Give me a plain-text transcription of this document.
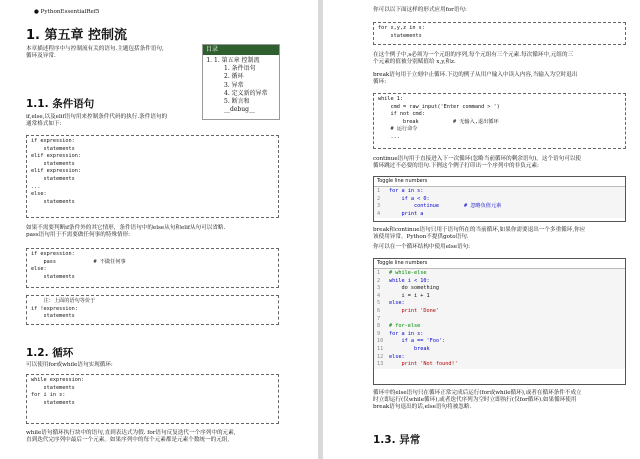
● PythonEssentialRef5
1. 第五章 控制流
本章描述程序中与控制流有关的语句.主题包括条件语句,
循环及异常.
目录
1. 1. 第五章 控制流
1. 条件语句
2. 循环
3. 异常
4. 定义新的异常
5. 断言和__debug__
1.1. 条件语句
if,else,以及elif语句用来控制条件代码的执行.条件语句的
通常格式如下:
if expression:
statements
elif expression:
statements
elif expression:
statements
...
else:
statements
如果不需要判断if条件外的其它情形，条件语句中的else从句和elif从句可以省略.
pass语句用于不需要做任何事的特殊情形:
if expression:
pass            # 不做任何事
else:
statements
注：上面的语句等价于
if !expression:
statements
1.2. 循环
可以使用for或while语句实现循环:
while expression:
statements
for i in s:
statements
while语句循环执行块中的语句,直到表达式为假. for语句反复迭代一个序列中的元素,
直到迭代完序列中最后一个元素。如果序列中的每个元素都是元素个数统一的元组,
你可以以下面这样的形式应用for语句:
for x,y,z in s:
statements
在这个例子中,s必须为一个元组的序列,每个元组有三个元素.每次循环中,元组的三
个元素的值被分别赋值给 x,y,和z.
break语句用于立刻中止循环.下边的例子从用户输入中读入内容,当输入为空时退出
循环:
while 1:
cmd = raw_input('Enter command > ')
if not cmd:
break           # 无输入,退出循环
# 运行命令
...
continue语句用于直接进入下一次循环(忽略当前循环的剩余语句)。这个语句可以使
循环跳过不必要的语句.下例这个例子打印出一个序列中的非负元素:
Toggle line numbers
1 for a in s:
2    if a < 0:
3        continue        # 忽略负值元素
4    print a
break和continue语句只用于语句所在的当前循环,如果你需要退出一个多重循环,你应
该使用异常。Python不提供goto语句.
你可以在一个循环结构中使用else语句:
Toggle line numbers
1 # while-else
2 while i < 10:
3    do something
4    i = i + 1
5 else:
6    print 'Done'
7
8 # for-else
9 for a in s:
10    if a == 'Foo':
11        break
12 else:
13    print 'Not found!'
循环中的else语句只在循环正常完成后运行(for或while循环),或者在循环条件不成立
时立即运行(仅while循环),或者迭代序列为空时立即执行(仅for循环).如果循环使用
break语句退出的话,else语句将被忽略.
1.3. 异常
